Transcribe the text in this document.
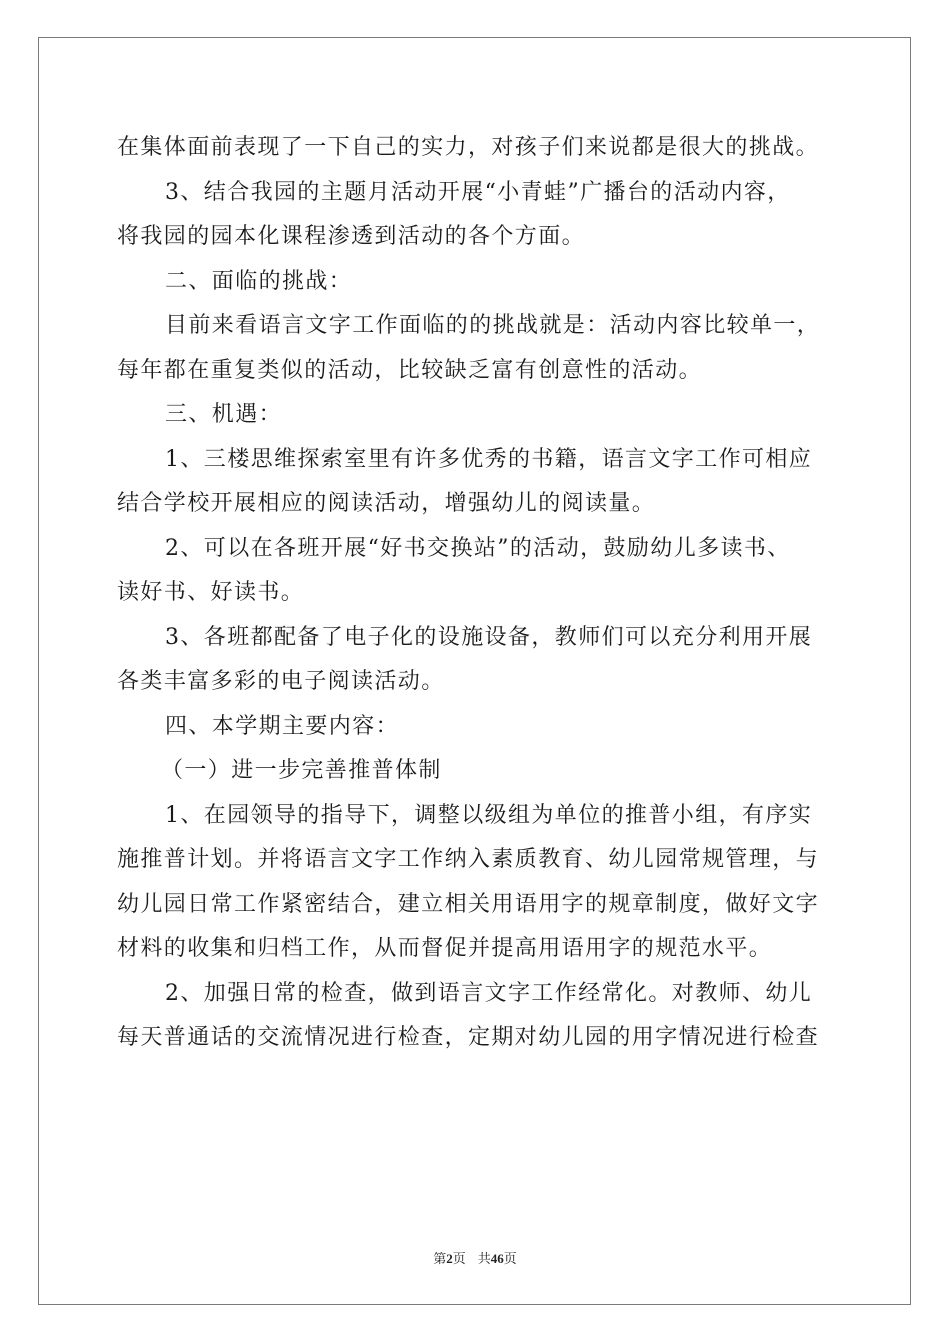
在集体面前表现了一下自己的实力，对孩子们来说都是很大的挑战。

3、结合我园的主题月活动开展“小青蛙”广播台的活动内容，

将我园的园本化课程渗透到活动的各个方面。

二、面临的挑战：

目前来看语言文字工作面临的的挑战就是：活动内容比较单一，

每年都在重复类似的活动，比较缺乏富有创意性的活动。

三、机遇：

1、三楼思维探索室里有许多优秀的书籍，语言文字工作可相应

结合学校开展相应的阅读活动，增强幼儿的阅读量。

2、可以在各班开展“好书交换站”的活动，鼓励幼儿多读书、

读好书、好读书。

3、各班都配备了电子化的设施设备，教师们可以充分利用开展

各类丰富多彩的电子阅读活动。

四、本学期主要内容：

（一）进一步完善推普体制

1、在园领导的指导下，调整以级组为单位的推普小组，有序实

施推普计划。并将语言文字工作纳入素质教育、幼儿园常规管理，与

幼儿园日常工作紧密结合，建立相关用语用字的规章制度，做好文字

材料的收集和归档工作，从而督促并提高用语用字的规范水平。

2、加强日常的检查，做到语言文字工作经常化。对教师、幼儿

每天普通话的交流情况进行检查，定期对幼儿园的用字情况进行检查

第2页 共46页
